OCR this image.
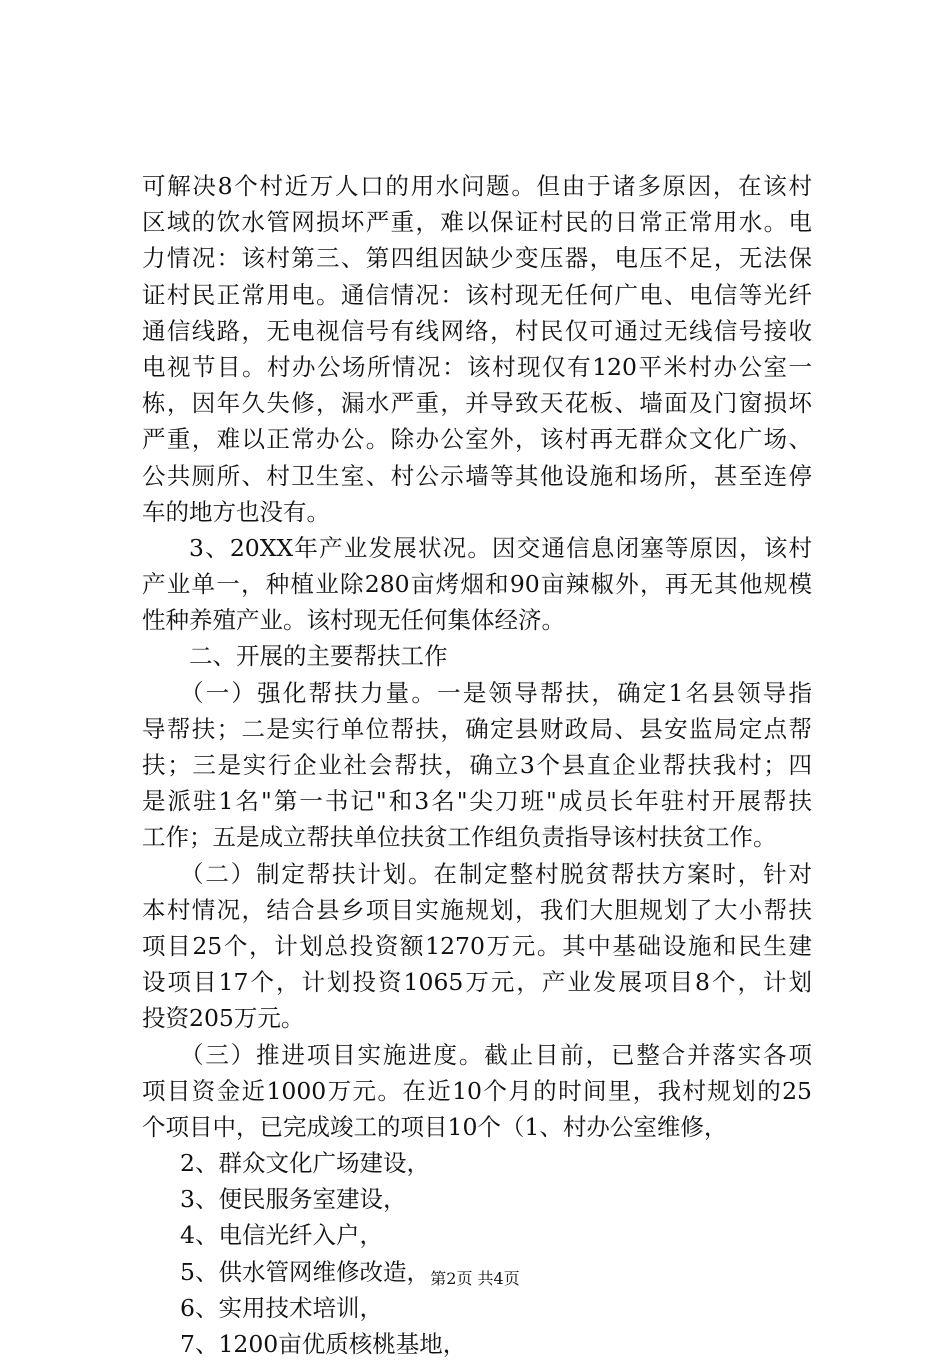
可解决8个村近万人口的用水问题。但由于诸多原因，在该村
区域的饮水管网损坏严重，难以保证村民的日常正常用水。电
力情况：该村第三、第四组因缺少变压器，电压不足，无法保
证村民正常用电。通信情况：该村现无任何广电、电信等光纤
通信线路，无电视信号有线网络，村民仅可通过无线信号接收
电视节目。村办公场所情况：该村现仅有120平米村办公室一
栋，因年久失修，漏水严重，并导致天花板、墙面及门窗损坏
严重，难以正常办公。除办公室外，该村再无群众文化广场、
公共厕所、村卫生室、村公示墙等其他设施和场所，甚至连停
车的地方也没有。
3、20XX年产业发展状况。因交通信息闭塞等原因，该村
产业单一，种植业除280亩烤烟和90亩辣椒外，再无其他规模
性种养殖产业。该村现无任何集体经济。
二、开展的主要帮扶工作
（一）强化帮扶力量。一是领导帮扶，确定1名县领导指
导帮扶；二是实行单位帮扶，确定县财政局、县安监局定点帮
扶；三是实行企业社会帮扶，确立3个县直企业帮扶我村；四
是派驻1名"第一书记"和3名"尖刀班"成员长年驻村开展帮扶
工作；五是成立帮扶单位扶贫工作组负责指导该村扶贫工作。
（二）制定帮扶计划。在制定整村脱贫帮扶方案时，针对
本村情况，结合县乡项目实施规划，我们大胆规划了大小帮扶
项目25个，计划总投资额1270万元。其中基础设施和民生建
设项目17个，计划投资1065万元，产业发展项目8个，计划
投资205万元。
（三）推进项目实施进度。截止目前，已整合并落实各项
项目资金近1000万元。在近10个月的时间里，我村规划的25
个项目中，已完成竣工的项目10个（1、村办公室维修，
2、群众文化广场建设，
3、便民服务室建设，
4、电信光纤入户，
5、供水管网维修改造，
6、实用技术培训，
7、1200亩优质核桃基地，
第2页 共4页
